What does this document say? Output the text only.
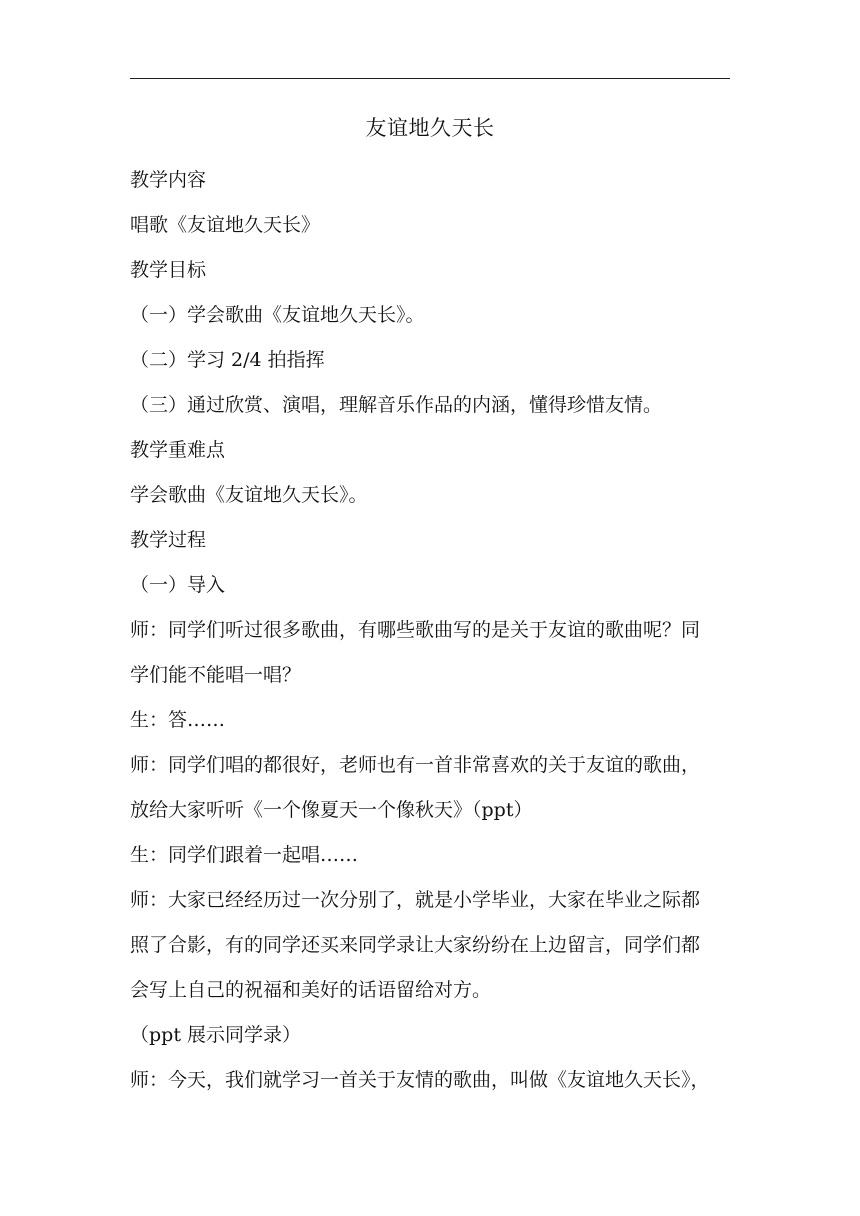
友谊地久天长

教学内容

唱歌《友谊地久天长》

教学目标

（一）学会歌曲《友谊地久天长》。

（二）学习 2/4 拍指挥

（三）通过欣赏、演唱，理解音乐作品的内涵，懂得珍惜友情。

教学重难点

学会歌曲《友谊地久天长》。

教学过程

（一）导入

师：同学们听过很多歌曲，有哪些歌曲写的是关于友谊的歌曲呢？同

学们能不能唱一唱？

生：答……

师：同学们唱的都很好，老师也有一首非常喜欢的关于友谊的歌曲，

放给大家听听《一个像夏天一个像秋天》（ppt）

生：同学们跟着一起唱……

师：大家已经经历过一次分别了，就是小学毕业，大家在毕业之际都

照了合影，有的同学还买来同学录让大家纷纷在上边留言，同学们都

会写上自己的祝福和美好的话语留给对方。

（ppt 展示同学录）

师：今天，我们就学习一首关于友情的歌曲，叫做《友谊地久天长》，
